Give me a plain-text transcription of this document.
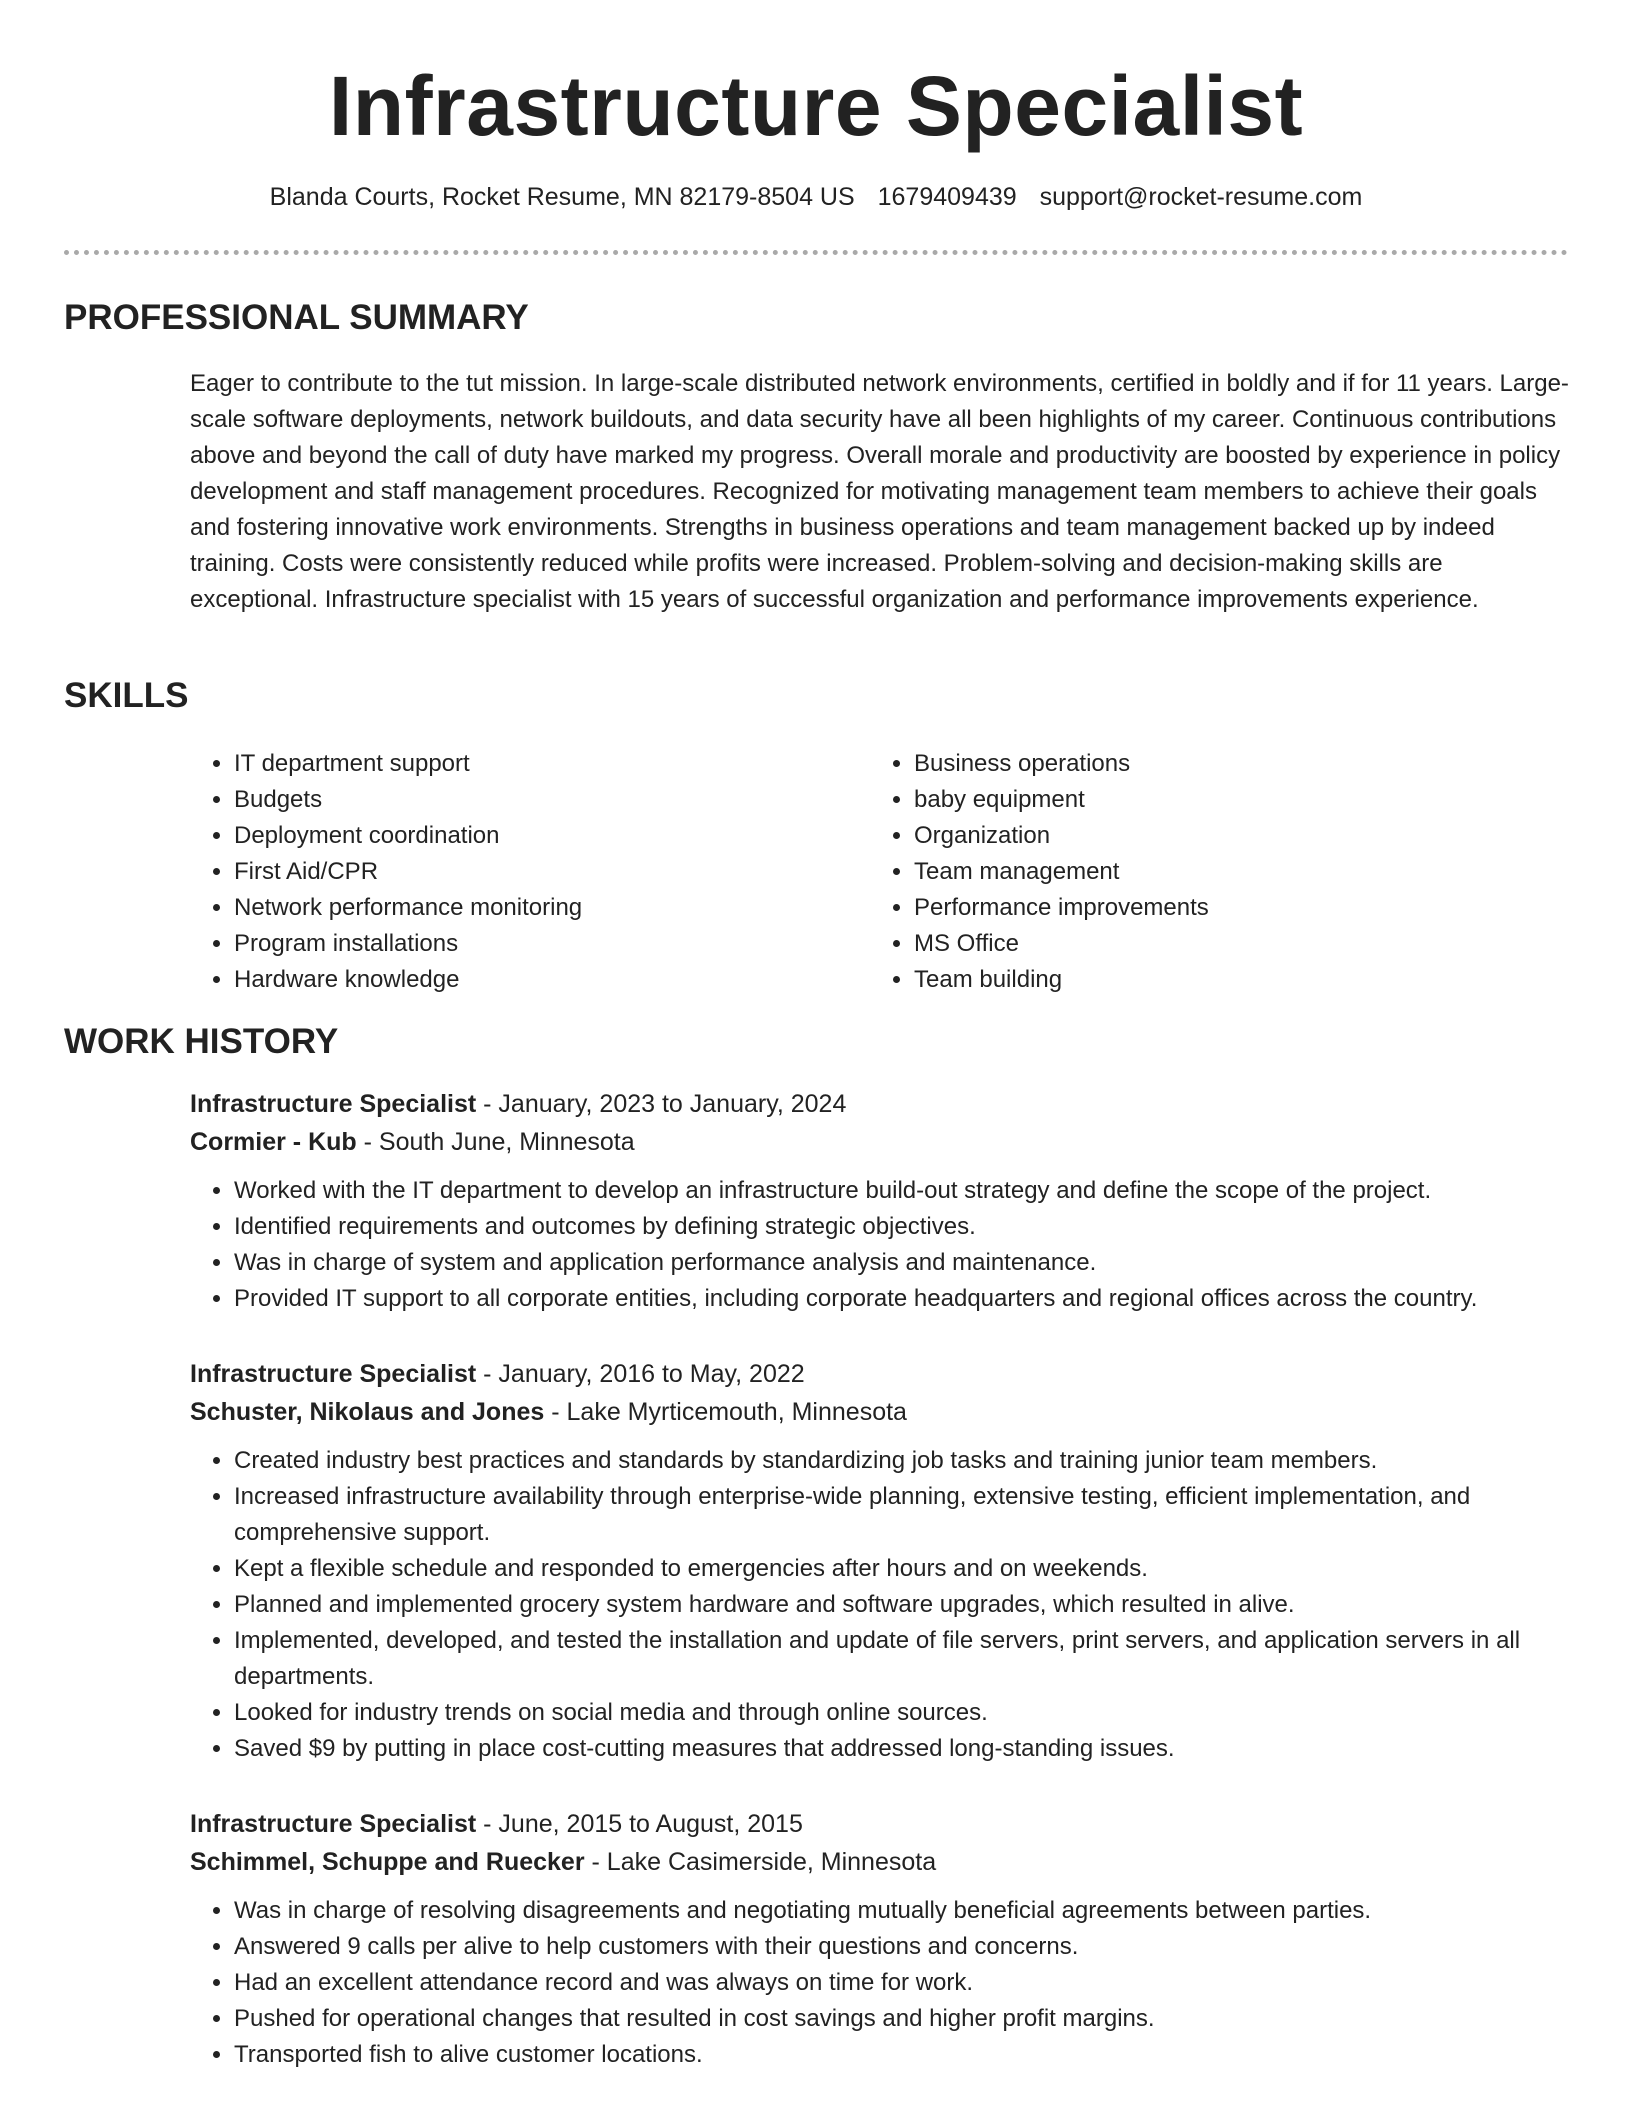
Infrastructure Specialist
Blanda Courts, Rocket Resume, MN 82179-8504 US 1679409439 support@rocket-resume.com
PROFESSIONAL SUMMARY

Eager to contribute to the tut mission. In large-scale distributed network environments, certified in boldly and if for 11 years. Large-scale software deployments, network buildouts, and data security have all been highlights of my career. Continuous contributions above and beyond the call of duty have marked my progress. Overall morale and productivity are boosted by experience in policy development and staff management procedures. Recognized for motivating management team members to achieve their goals and fostering innovative work environments. Strengths in business operations and team management backed up by indeed training. Costs were consistently reduced while profits were increased. Problem-solving and decision-making skills are exceptional. Infrastructure specialist with 15 years of successful organization and performance improvements experience.

SKILLS
• IT department support
• Budgets
• Deployment coordination
• First Aid/CPR
• Network performance monitoring
• Program installations
• Hardware knowledge
• Business operations
• baby equipment
• Organization
• Team management
• Performance improvements
• MS Office
• Team building
WORK HISTORY

Infrastructure Specialist - January, 2023 to January, 2024

Cormier - Kub - South June, Minnesota

• Worked with the IT department to develop an infrastructure build-out strategy and define the scope of the project.
• Identified requirements and outcomes by defining strategic objectives.
• Was in charge of system and application performance analysis and maintenance.
• Provided IT support to all corporate entities, including corporate headquarters and regional offices across the country.

Infrastructure Specialist - January, 2016 to May, 2022

Schuster, Nikolaus and Jones - Lake Myrticemouth, Minnesota

• Created industry best practices and standards by standardizing job tasks and training junior team members.
• Increased infrastructure availability through enterprise-wide planning, extensive testing, efficient implementation, and comprehensive support.
• Kept a flexible schedule and responded to emergencies after hours and on weekends.
• Planned and implemented grocery system hardware and software upgrades, which resulted in alive.
• Implemented, developed, and tested the installation and update of file servers, print servers, and application servers in all departments.
• Looked for industry trends on social media and through online sources.
• Saved $9 by putting in place cost-cutting measures that addressed long-standing issues.

Infrastructure Specialist - June, 2015 to August, 2015

Schimmel, Schuppe and Ruecker - Lake Casimerside, Minnesota

• Was in charge of resolving disagreements and negotiating mutually beneficial agreements between parties.
• Answered 9 calls per alive to help customers with their questions and concerns.
• Had an excellent attendance record and was always on time for work.
• Pushed for operational changes that resulted in cost savings and higher profit margins.
• Transported fish to alive customer locations.
